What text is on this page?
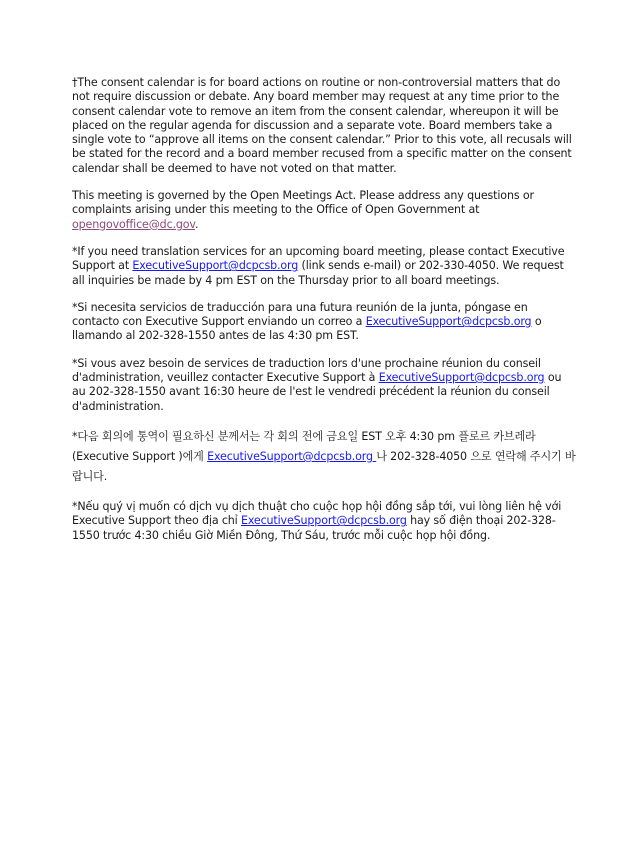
†The consent calendar is for board actions on routine or non-controversial matters that do not require discussion or debate. Any board member may request at any time prior to the consent calendar vote to remove an item from the consent calendar, whereupon it will be placed on the regular agenda for discussion and a separate vote. Board members take a single vote to “approve all items on the consent calendar.” Prior to this vote, all recusals will be stated for the record and a board member recused from a specific matter on the consent calendar shall be deemed to have not voted on that matter.

This meeting is governed by the Open Meetings Act. Please address any questions or complaints arising under this meeting to the Office of Open Government at opengovoffice@dc.gov.

*If you need translation services for an upcoming board meeting, please contact Executive Support at ExecutiveSupport@dcpcsb.org (link sends e-mail) or 202-330-4050. We request all inquiries be made by 4 pm EST on the Thursday prior to all board meetings.

*Si necesita servicios de traducción para una futura reunión de la junta, póngase en contacto con Executive Support enviando un correo a ExecutiveSupport@dcpcsb.org o llamando al 202-328-1550 antes de las 4:30 pm EST.

*Si vous avez besoin de services de traduction lors d'une prochaine réunion du conseil d'administration, veuillez contacter Executive Support à ExecutiveSupport@dcpcsb.org ou au 202-328-1550 avant 16:30 heure de l'est le vendredi précédent la réunion du conseil d'administration.

*다음 회의에 통역이 필요하신 분께서는 각 회의 전에 금요일 EST 오후 4:30 pm 플로르 카브레라 (Executive Support )에게 ExecutiveSupport@dcpcsb.org 나 202-328-4050 으로 연락해 주시기 바랍니다.

*Nếu quý vị muốn có dịch vụ dịch thuật cho cuộc họp hội đồng sắp tới, vui lòng liên hệ với Executive Support theo địa chỉ ExecutiveSupport@dcpcsb.org hay số điện thoại 202-328- 1550 trước 4:30 chiều Giờ Miền Đông, Thứ Sáu, trước mỗi cuộc họp hội đồng.
